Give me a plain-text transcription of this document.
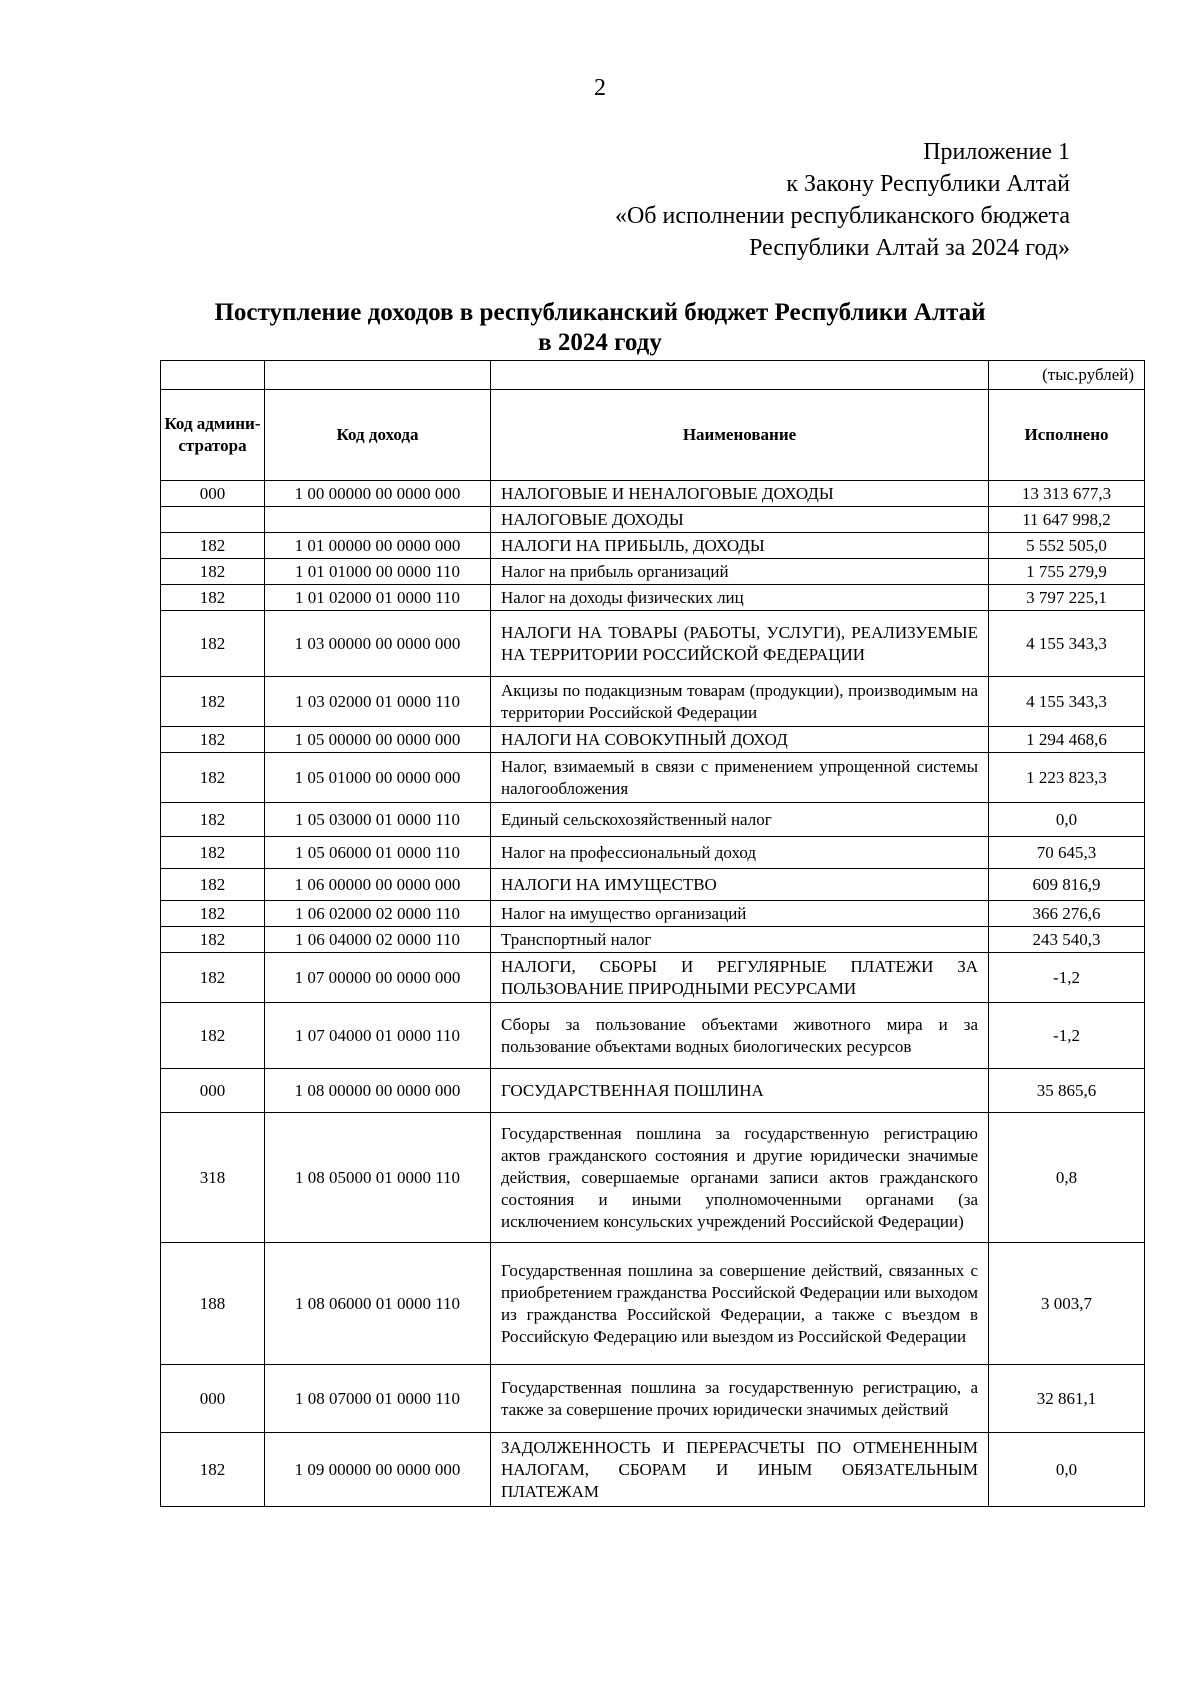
2
Приложение 1
к Закону Республики Алтай
«Об исполнении республиканского бюджета
Республики Алтай за 2024 год»
Поступление доходов в республиканский бюджет Республики Алтай
в 2024 году
			(тыс.рублей)
Код админи-стратора	Код дохода	Наименование	Исполнено
000	1 00 00000 00 0000 000	НАЛОГОВЫЕ И НЕНАЛОГОВЫЕ ДОХОДЫ	13 313 677,3
		НАЛОГОВЫЕ ДОХОДЫ	11 647 998,2
182	1 01 00000 00 0000 000	НАЛОГИ НА ПРИБЫЛЬ, ДОХОДЫ	5 552 505,0
182	1 01 01000 00 0000 110	Налог на прибыль организаций	1 755 279,9
182	1 01 02000 01 0000 110	Налог на доходы физических лиц	3 797 225,1
182	1 03 00000 00 0000 000	НАЛОГИ НА ТОВАРЫ (РАБОТЫ, УСЛУГИ), РЕАЛИЗУЕМЫЕ НА ТЕРРИТОРИИ РОССИЙСКОЙ ФЕДЕРАЦИИ	4 155 343,3
182	1 03 02000 01 0000 110	Акцизы по подакцизным товарам (продукции), производимым на территории Российской Федерации	4 155 343,3
182	1 05 00000 00 0000 000	НАЛОГИ НА СОВОКУПНЫЙ ДОХОД	1 294 468,6
182	1 05 01000 00 0000 000	Налог, взимаемый в связи с применением упрощенной системы налогообложения	1 223 823,3
182	1 05 03000 01 0000 110	Единый сельскохозяйственный налог	0,0
182	1 05 06000 01 0000 110	Налог на профессиональный доход	70 645,3
182	1 06 00000 00 0000 000	НАЛОГИ НА ИМУЩЕСТВО	609 816,9
182	1 06 02000 02 0000 110	Налог на имущество организаций	366 276,6
182	1 06 04000 02 0000 110	Транспортный налог	243 540,3
182	1 07 00000 00 0000 000	НАЛОГИ, СБОРЫ И РЕГУЛЯРНЫЕ ПЛАТЕЖИ ЗА ПОЛЬЗОВАНИЕ ПРИРОДНЫМИ РЕСУРСАМИ	-1,2
182	1 07 04000 01 0000 110	Сборы за пользование объектами животного мира и за пользование объектами водных биологических ресурсов	-1,2
000	1 08 00000 00 0000 000	ГОСУДАРСТВЕННАЯ ПОШЛИНА	35 865,6
318	1 08 05000 01 0000 110	Государственная пошлина за государственную регистрацию актов гражданского состояния и другие юридически значимые действия, совершаемые органами записи актов гражданского состояния и иными уполномоченными органами (за исключением консульских учреждений Российской Федерации)	0,8
188	1 08 06000 01 0000 110	Государственная пошлина за совершение действий, связанных с приобретением гражданства Российской Федерации или выходом из гражданства Российской Федерации, а также с въездом в Российскую Федерацию или выездом из Российской Федерации	3 003,7
000	1 08 07000 01 0000 110	Государственная пошлина за государственную регистрацию, а также за совершение прочих юридически значимых действий	32 861,1
182	1 09 00000 00 0000 000	ЗАДОЛЖЕННОСТЬ И ПЕРЕРАСЧЕТЫ ПО ОТМЕНЕННЫМ НАЛОГАМ, СБОРАМ И ИНЫМ ОБЯЗАТЕЛЬНЫМ ПЛАТЕЖАМ	0,0
